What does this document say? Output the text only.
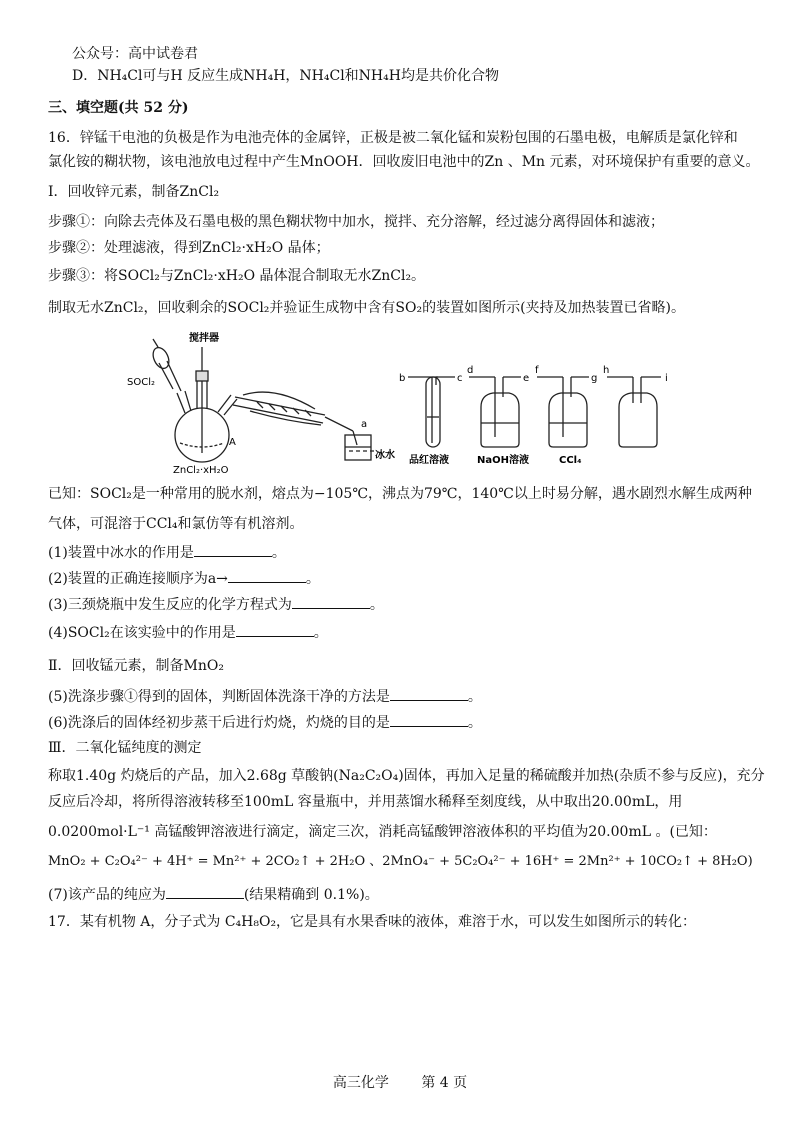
公众号：高中试卷君
D．NH₄Cl可与H 反应生成NH₄H，NH₄Cl和NH₄H均是共价化合物
三、填空题(共 52 分)
16．锌锰干电池的负极是作为电池壳体的金属锌，正极是被二氧化锰和炭粉包围的石墨电极，电解质是氯化锌和
氯化铵的糊状物，该电池放电过程中产生MnOOH．回收废旧电池中的Zn 、Mn 元素，对环境保护有重要的意义。
Ⅰ．回收锌元素，制备ZnCl₂
步骤①：向除去壳体及石墨电极的黑色糊状物中加水，搅拌、充分溶解，经过滤分离得固体和滤液；
步骤②：处理滤液，得到ZnCl₂·xH₂O 晶体；
步骤③：将SOCl₂与ZnCl₂·xH₂O 晶体混合制取无水ZnCl₂。
制取无水ZnCl₂，回收剩余的SOCl₂并验证生成物中含有SO₂的装置如图所示(夹持及加热装置已省略)。
搅拌器
SOCl₂
A
ZnCl₂·xH₂O
a
冰水
b	c
d
e
f
g
h
i
品红溶液	NaOH溶液	CCl₄
已知：SOCl₂是一种常用的脱水剂，熔点为−105℃，沸点为79℃，140℃以上时易分解，遇水剧烈水解生成两种
气体，可混溶于CCl₄和氯仿等有机溶剂。
(1)装置中冰水的作用是	。
(2)装置的正确连接顺序为a→	。
(3)三颈烧瓶中发生反应的化学方程式为	。
(4)SOCl₂在该实验中的作用是	。
Ⅱ．回收锰元素，制备MnO₂
(5)洗涤步骤①得到的固体，判断固体洗涤干净的方法是	。
(6)洗涤后的固体经初步蒸干后进行灼烧，灼烧的目的是	。
Ⅲ．二氧化锰纯度的测定
称取1.40g 灼烧后的产品，加入2.68g 草酸钠(Na₂C₂O₄)固体，再加入足量的稀硫酸并加热(杂质不参与反应)，充分
反应后冷却，将所得溶液转移至100mL 容量瓶中，并用蒸馏水稀释至刻度线，从中取出20.00mL，用
0.0200mol·L⁻¹ 高锰酸钾溶液进行滴定，滴定三次，消耗高锰酸钾溶液体积的平均值为20.00mL 。(已知：
MnO₂ + C₂O₄²⁻ + 4H⁺ = Mn²⁺ + 2CO₂↑ + 2H₂O 、2MnO₄⁻ + 5C₂O₄²⁻ + 16H⁺ = 2Mn²⁺ + 10CO₂↑ + 8H₂O)
(7)该产品的纯应为	(结果精确到 0.1%)。
17．某有机物 A，分子式为 C₄H₈O₂，它是具有水果香味的液体，难溶于水，可以发生如图所示的转化：
高三化学 第 4 页
